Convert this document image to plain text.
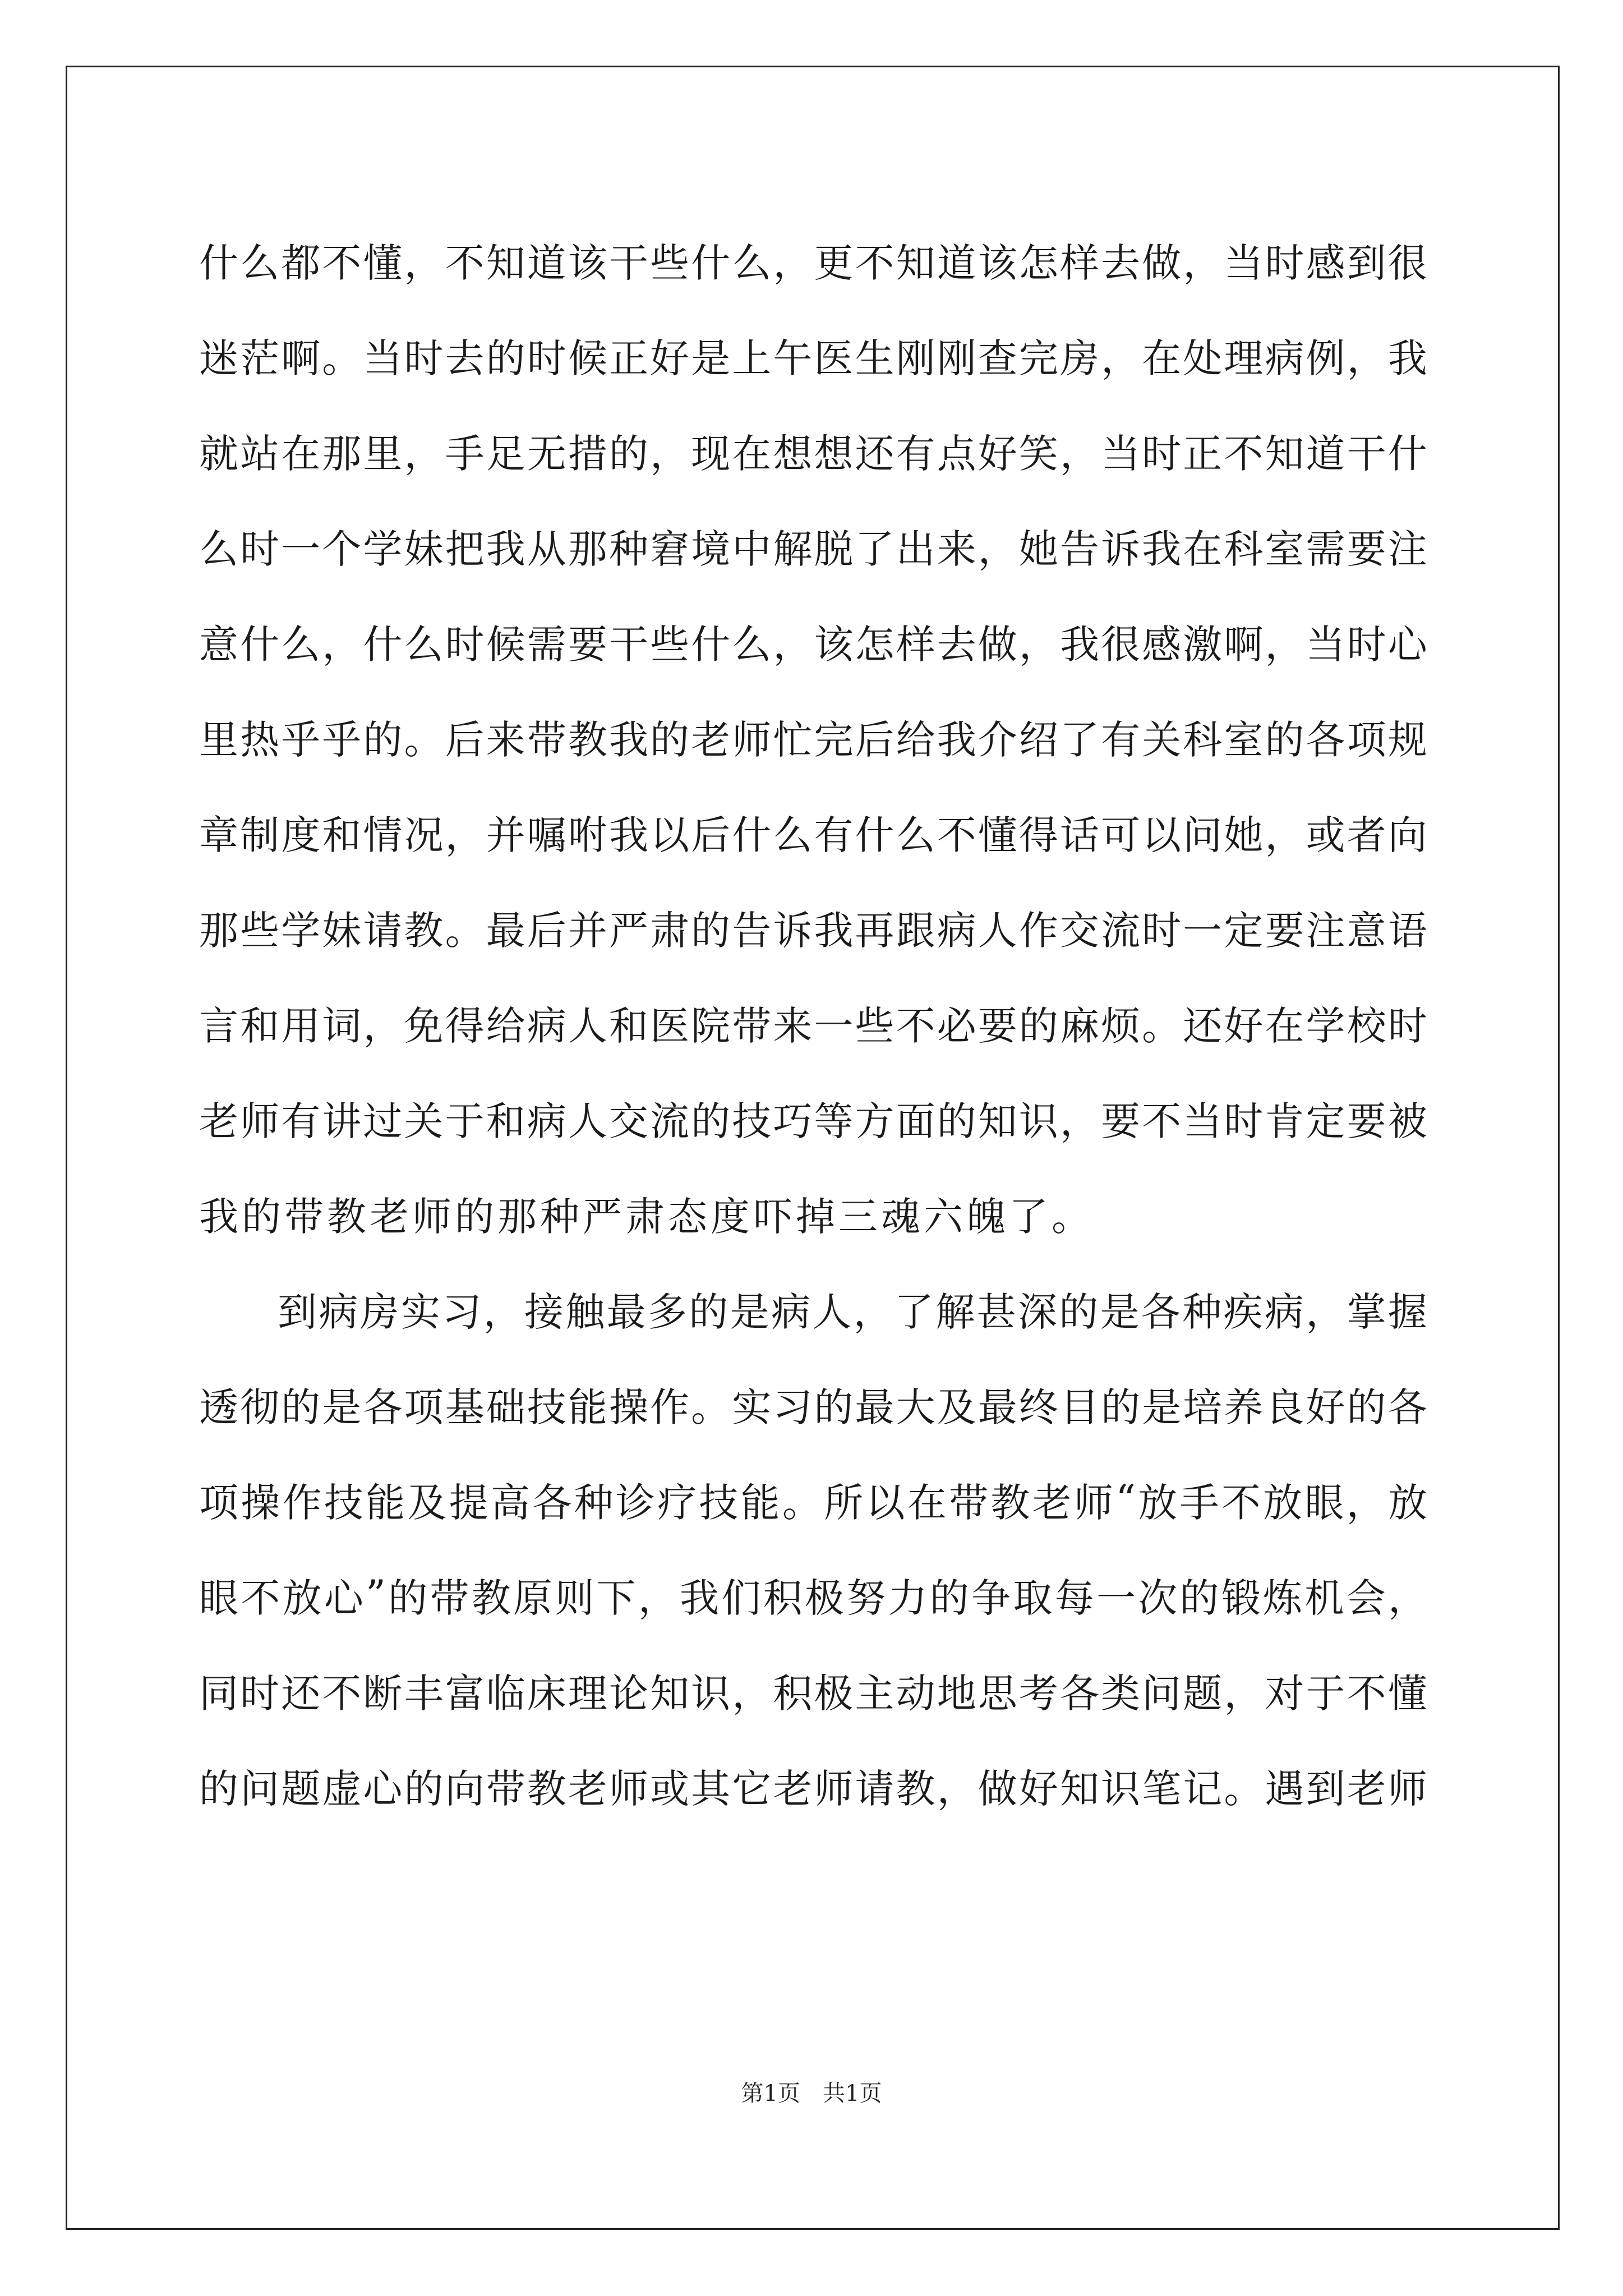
什 么 都 不 懂 ， 不 知 道 该 干 些 什 么 ， 更 不 知 道 该 怎 样 去 做 ， 当 时 感 到 很
迷 茫 啊 。 当 时 去 的 时 候 正 好 是 上 午 医 生 刚 刚 查 完 房 ， 在 处 理 病 例 ， 我
就 站 在 那 里 ， 手 足 无 措 的 ， 现 在 想 想 还 有 点 好 笑 ， 当 时 正 不 知 道 干 什
么 时 一 个 学 妹 把 我 从 那 种 窘 境 中 解 脱 了 出 来 ， 她 告 诉 我 在 科 室 需 要 注
意 什 么 ， 什 么 时 候 需 要 干 些 什 么 ， 该 怎 样 去 做 ， 我 很 感 激 啊 ， 当 时 心
里 热 乎 乎 的 。 后 来 带 教 我 的 老 师 忙 完 后 给 我 介 绍 了 有 关 科 室 的 各 项 规
章 制 度 和 情 况 ， 并 嘱 咐 我 以 后 什 么 有 什 么 不 懂 得 话 可 以 问 她 ， 或 者 向
那 些 学 妹 请 教 。 最 后 并 严 肃 的 告 诉 我 再 跟 病 人 作 交 流 时 一 定 要 注 意 语
言 和 用 词 ， 免 得 给 病 人 和 医 院 带 来 一 些 不 必 要 的 麻 烦 。 还 好 在 学 校 时
老 师 有 讲 过 关 于 和 病 人 交 流 的 技 巧 等 方 面 的 知 识 ， 要 不 当 时 肯 定 要 被
我的带教老师的那种严肃态度吓掉三魂六魄了。
到 病 房 实 习 ， 接 触 最 多 的 是 病 人 ， 了 解 甚 深 的 是 各 种 疾 病 ， 掌 握
透 彻 的 是 各 项 基 础 技 能 操 作 。 实 习 的 最 大 及 最 终 目 的 是 培 养 良 好 的 各
项 操 作 技 能 及 提 高 各 种 诊 疗 技 能 。 所 以 在 带 教 老 师 “ 放 手 不 放 眼 ， 放
眼 不 放 心 ” 的 带 教 原 则 下 ， 我 们 积 极 努 力 的 争 取 每 一 次 的 锻 炼 机 会 ，
同 时 还 不 断 丰 富 临 床 理 论 知 识 ， 积 极 主 动 地 思 考 各 类 问 题 ， 对 于 不 懂
的 问 题 虚 心 的 向 带 教 老 师 或 其 它 老 师 请 教 ， 做 好 知 识 笔 记 。 遇 到 老 师
第1页　共1页
